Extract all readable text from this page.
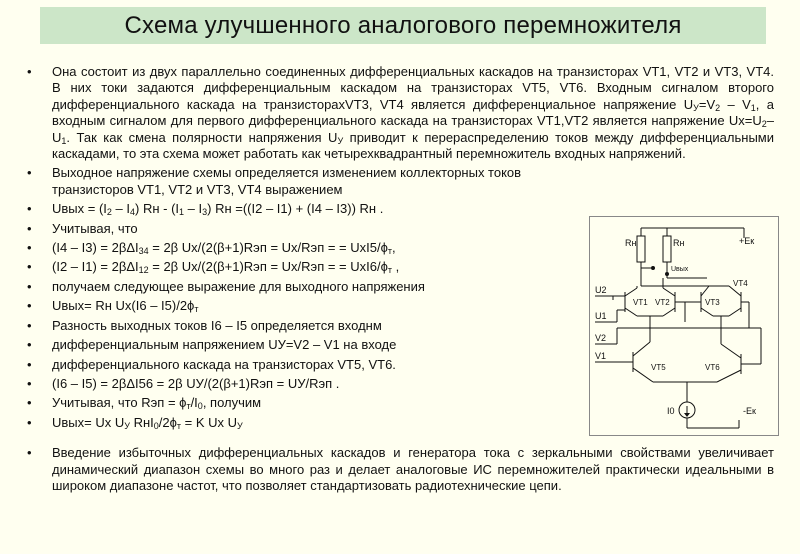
Схема улучшенного аналогового перемножителя
• Она состоит из двух параллельно соединенных дифференциальных каскадов на транзисторах VT1, VT2 и VT3, VT4. В них токи задаются дифференциальным каскадом на транзисторах VT5, VT6. Входным сигналом второго дифференциального каскада на транзисторахVT3, VT4 является дифференциальное напряжение $U_У=V_2 - V_1$, а входным сигналом для первого дифференциального каскада на транзисторах VT1,VT2 является напряжение $Ux=U_2-U_1$. Так как смена полярности напряжения $U_У$ приводит к перераспределению токов между дифференциальными каскадами, то эта схема может работать как четырехквадрантный перемножитель входных напряжений.
• Выходное напряжение схемы определяется изменением коллекторных токов транзисторов VT1, VT2 и VT3, VT4 выражением
• Uвых = $(I_2 - I_4)$ Rн - $(I_1 - I_3)$ Rн =((I2 – I1) + (I4 – I3)) Rн .
• Учитывая, что
• (I4 – I3) = 2βΔI$_{34}$ = 2β Ux/(2(β+1)Rэп = Ux/Rэп = = $UxI5/\phi_т$,
• (I2 – I1) = 2βΔI$_{12}$ = 2β Ux/(2(β+1)Rэп = Ux/Rэп = = $UxI6/\phi_т$ ,
• получаем следующее выражение для выходного напряжения
• Uвых= Rн $Ux(I6 - I5)/2\phi_т$
• Разность выходных токов I6 – I5 определяется входнм
• дифференциальным напряжением UУ=V2 – V1 на входе
• дифференциального каскада на транзисторах VT5, VT6.
• (I6 – I5) = 2βΔI56 = 2β UУ/(2(β+1)Rэп = UУ/Rэп .
• Учитывая, что Rэп = $\phi_т/I_0$, получим
• Uвых= Ux $U_У$ $RнI_0/2\phi_т = K$ Ux $U_У$
• Введение избыточных дифференциальных каскадов и генератора тока с зеркальными свойствами увеличивает динамический диапазон схемы во много раз и делает аналоговые ИС перемножителей практически идеальными в широком диапазоне частот, что позволяет стандартизовать радиотехнические цепи.
Rн	Rн
Uвых
+Eк
-Eк
U2
U1
V2
V1
VT1 VT2	VT3
VT4
VT5	VT6
I0
